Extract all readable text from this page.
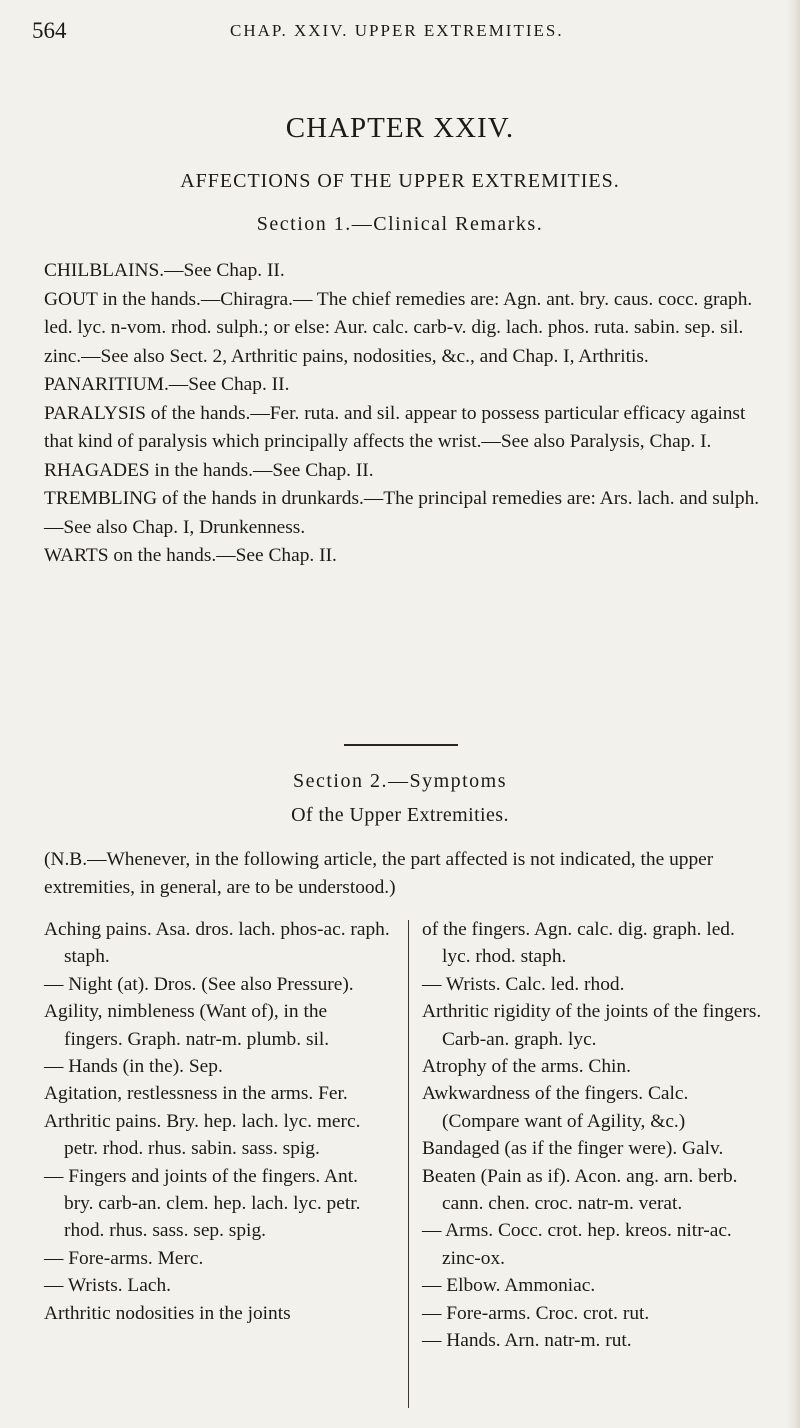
564	CHAP. XXIV. UPPER EXTREMITIES.
CHAPTER XXIV.
AFFECTIONS OF THE UPPER EXTREMITIES.
Section 1.—Clinical Remarks.

CHILBLAINS.—See Chap. II.

GOUT in the hands.—Chiragra.— The chief remedies are: Agn. ant. bry. caus. cocc. graph. led. lyc. n-vom. rhod. sulph.; or else: Aur. calc. carb-v. dig. lach. phos. ruta. sabin. sep. sil. zinc.—See also Sect. 2, Arthritic pains, nodosities, &c., and Chap. I, Arthritis.

PANARITIUM.—See Chap. II.

PARALYSIS of the hands.—Fer. ruta. and sil. appear to possess particular efficacy against that kind of paralysis which principally affects the wrist.—See also Paralysis, Chap. I.

RHAGADES in the hands.—See Chap. II.

TREMBLING of the hands in drunkards.—The principal remedies are: Ars. lach. and sulph.—See also Chap. I, Drunkenness.

WARTS on the hands.—See Chap. II.

Section 2.—Symptoms
Of the Upper Extremities.

(N.B.—Whenever, in the following article, the part affected is not indicated, the upper extremities, in general, are to be understood.)

Aching pains. Asa. dros. lach. phos-ac. raph. staph.

— Night (at). Dros. (See also Pressure).

Agility, nimbleness (Want of), in the fingers. Graph. natr-m. plumb. sil.

— Hands (in the). Sep.

Agitation, restlessness in the arms. Fer.

Arthritic pains. Bry. hep. lach. lyc. merc. petr. rhod. rhus. sabin. sass. spig.

— Fingers and joints of the fingers. Ant. bry. carb-an. clem. hep. lach. lyc. petr. rhod. rhus. sass. sep. spig.

— Fore-arms. Merc.

— Wrists. Lach.

Arthritic nodosities in the joints

of the fingers. Agn. calc. dig. graph. led. lyc. rhod. staph.

— Wrists. Calc. led. rhod.

Arthritic rigidity of the joints of the fingers. Carb-an. graph. lyc.

Atrophy of the arms. Chin.

Awkwardness of the fingers. Calc. (Compare want of Agility, &c.)

Bandaged (as if the finger were). Galv.

Beaten (Pain as if). Acon. ang. arn. berb. cann. chen. croc. natr-m. verat.

— Arms. Cocc. crot. hep. kreos. nitr-ac. zinc-ox.

— Elbow. Ammoniac.

— Fore-arms. Croc. crot. rut.

— Hands. Arn. natr-m. rut.
